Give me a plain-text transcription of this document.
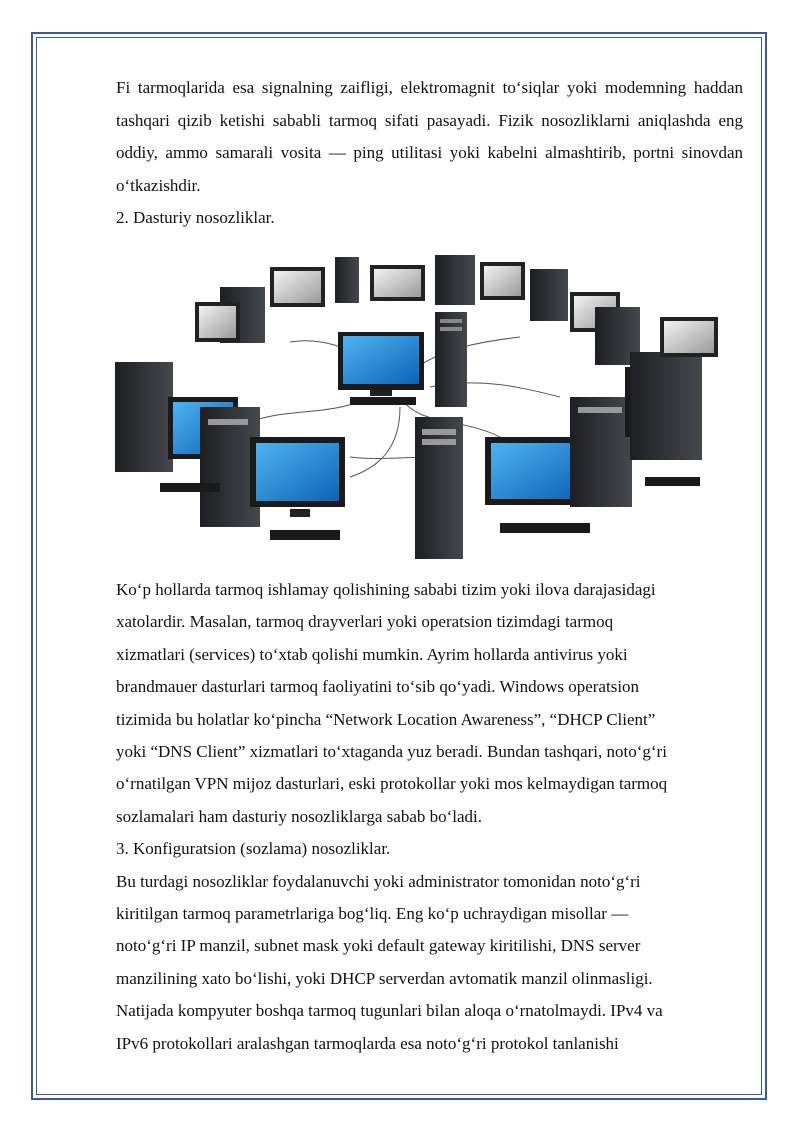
Fi tarmoqlarida esa signalning zaifligi, elektromagnit to‘siqlar yoki modemning haddan tashqari qizib ketishi sababli tarmoq sifati pasayadi. Fizik nosozliklarni aniqlashda eng oddiy, ammo samarali vosita — ping utilitasi yoki kabelni almashtirib, portni sinovdan o‘tkazishdir.

2. Dasturiy nosozliklar.

Ko‘p hollarda tarmoq ishlamay qolishining sababi tizim yoki ilova darajasidagi

xatolardir. Masalan, tarmoq drayverlari yoki operatsion tizimdagi tarmoq

xizmatlari (services) to‘xtab qolishi mumkin. Ayrim hollarda antivirus yoki

brandmauer dasturlari tarmoq faoliyatini to‘sib qo‘yadi. Windows operatsion

tizimida bu holatlar ko‘pincha “Network Location Awareness”, “DHCP Client”

yoki “DNS Client” xizmatlari to‘xtaganda yuz beradi. Bundan tashqari, noto‘g‘ri

o‘rnatilgan VPN mijoz dasturlari, eski protokollar yoki mos kelmaydigan tarmoq

sozlamalari ham dasturiy nosozliklarga sabab bo‘ladi.

3. Konfiguratsion (sozlama) nosozliklar.

Bu turdagi nosozliklar foydalanuvchi yoki administrator tomonidan noto‘g‘ri

kiritilgan tarmoq parametrlariga bog‘liq. Eng ko‘p uchraydigan misollar —

noto‘g‘ri IP manzil, subnet mask yoki default gateway kiritilishi, DNS server

manzilining xato bo‘lishi, yoki DHCP serverdan avtomatik manzil olinmasligi.

Natijada kompyuter boshqa tarmoq tugunlari bilan aloqa o‘rnatolmaydi. IPv4 va

IPv6 protokollari aralashgan tarmoqlarda esa noto‘g‘ri protokol tanlanishi
